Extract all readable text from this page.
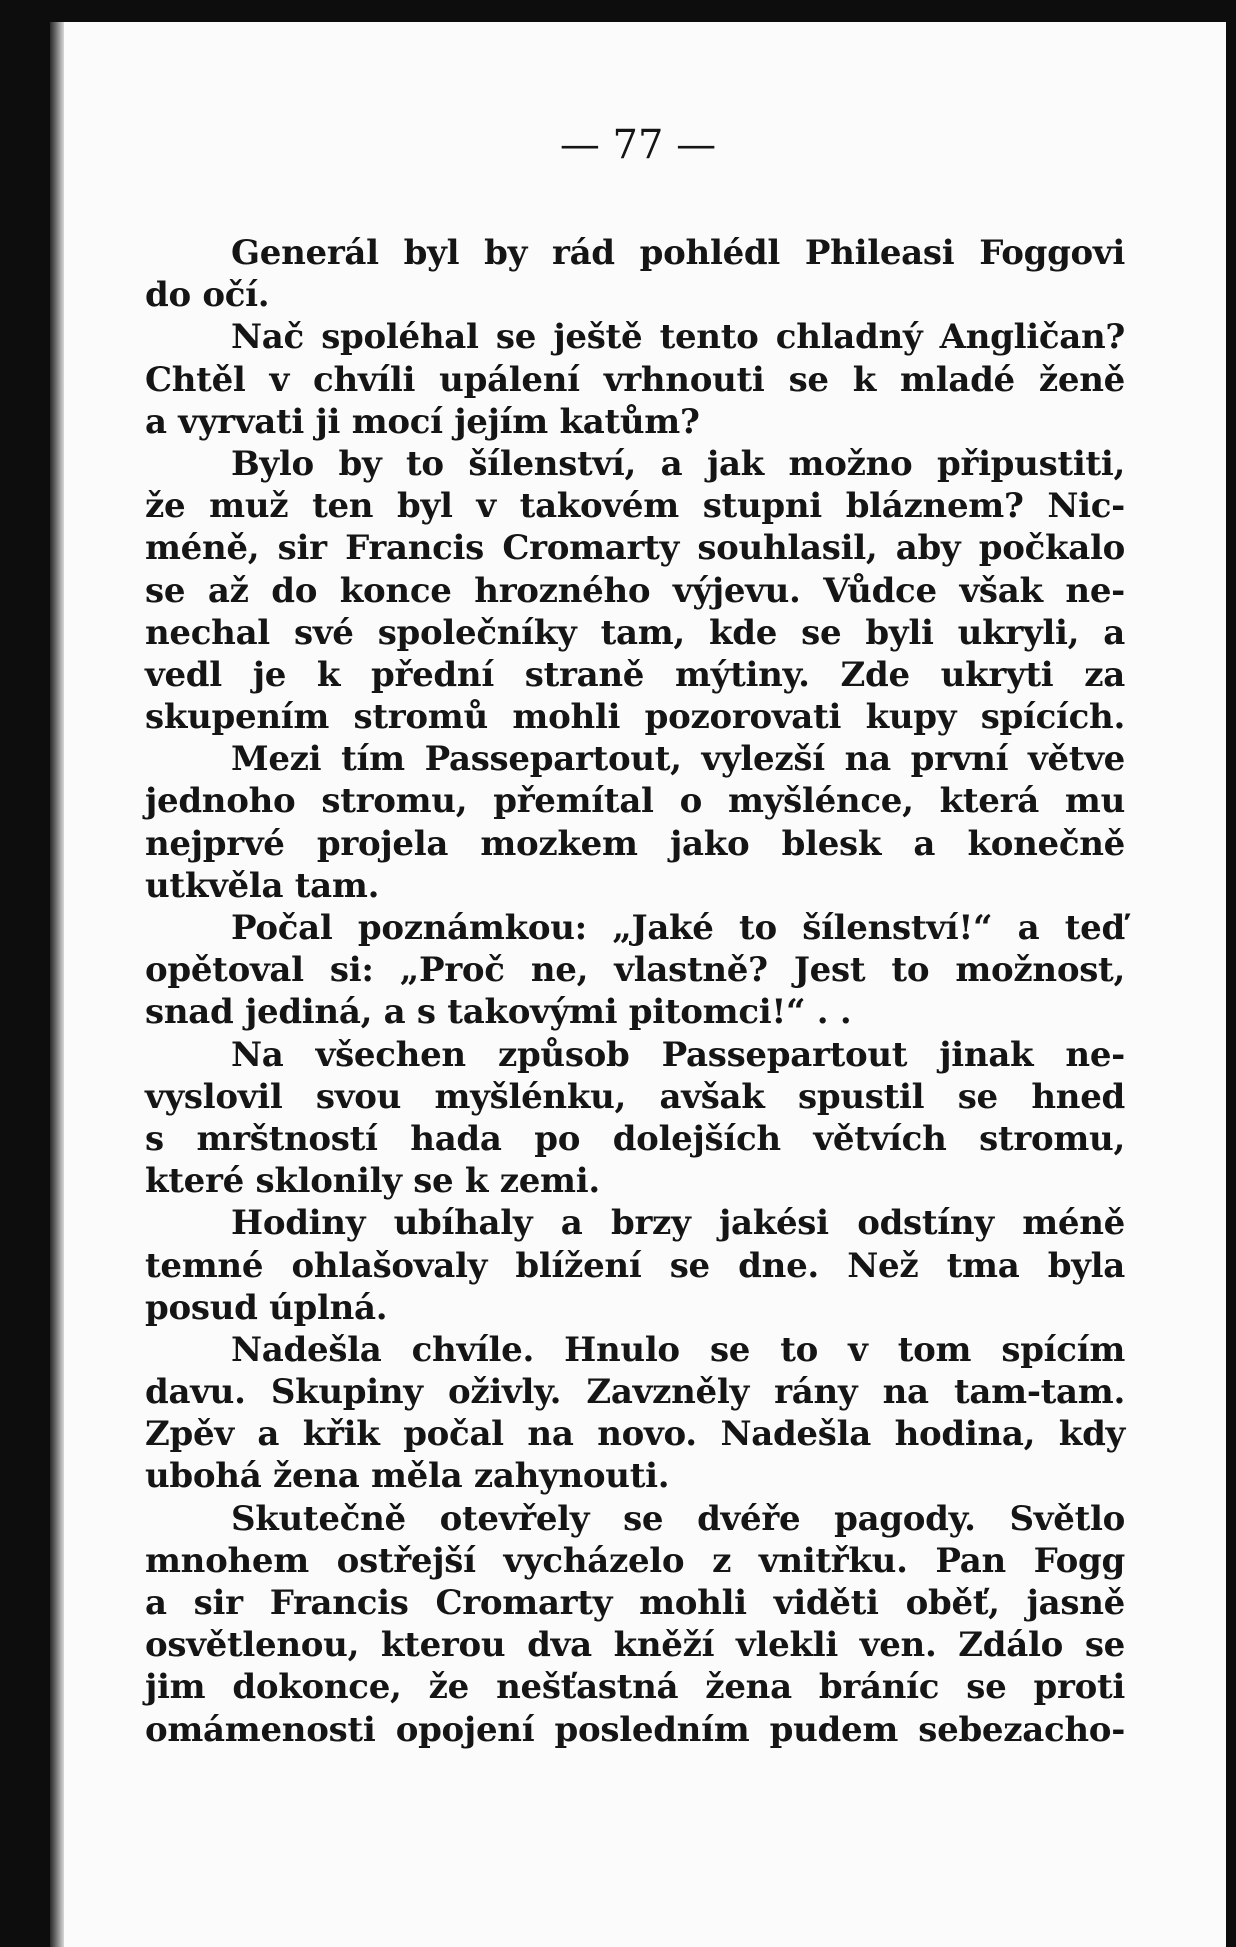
— 77 —
Generál byl by rád pohlédl Phileasi Foggovi
do očí.
Nač spoléhal se ještě tento chladný Angličan?
Chtěl v chvíli upálení vrhnouti se k mladé ženě
a vyrvati ji mocí jejím katům?
Bylo by to šílenství, a jak možno připustiti,
že muž ten byl v takovém stupni bláznem? Nic-
méně, sir Francis Cromarty souhlasil, aby počkalo
se až do konce hrozného výjevu. Vůdce však ne-
nechal své společníky tam, kde se byli ukryli, a
vedl je k přední straně mýtiny. Zde ukryti za
skupením stromů mohli pozorovati kupy spících.
Mezi tím Passepartout, vylezší na první větve
jednoho stromu, přemítal o myšlénce, která mu
nejprvé projela mozkem jako blesk a konečně
utkvěla tam.
Počal poznámkou: „Jaké to šílenství!“ a teď
opětoval si: „Proč ne, vlastně? Jest to možnost,
snad jediná, a s takovými pitomci!“ . .
Na všechen způsob Passepartout jinak ne-
vyslovil svou myšlénku, avšak spustil se hned
s mrštností hada po dolejších větvích stromu,
které sklonily se k zemi.
Hodiny ubíhaly a brzy jakési odstíny méně
temné ohlašovaly blížení se dne. Než tma byla
posud úplná.
Nadešla chvíle. Hnulo se to v tom spícím
davu. Skupiny oživly. Zavzněly rány na tam-tam.
Zpěv a křik počal na novo. Nadešla hodina, kdy
ubohá žena měla zahynouti.
Skutečně otevřely se dvéře pagody. Světlo
mnohem ostřejší vycházelo z vnitřku. Pan Fogg
a sir Francis Cromarty mohli viděti oběť, jasně
osvětlenou, kterou dva kněží vlekli ven. Zdálo se
jim dokonce, že nešťastná žena bráníc se proti
omámenosti opojení posledním pudem sebezacho-
